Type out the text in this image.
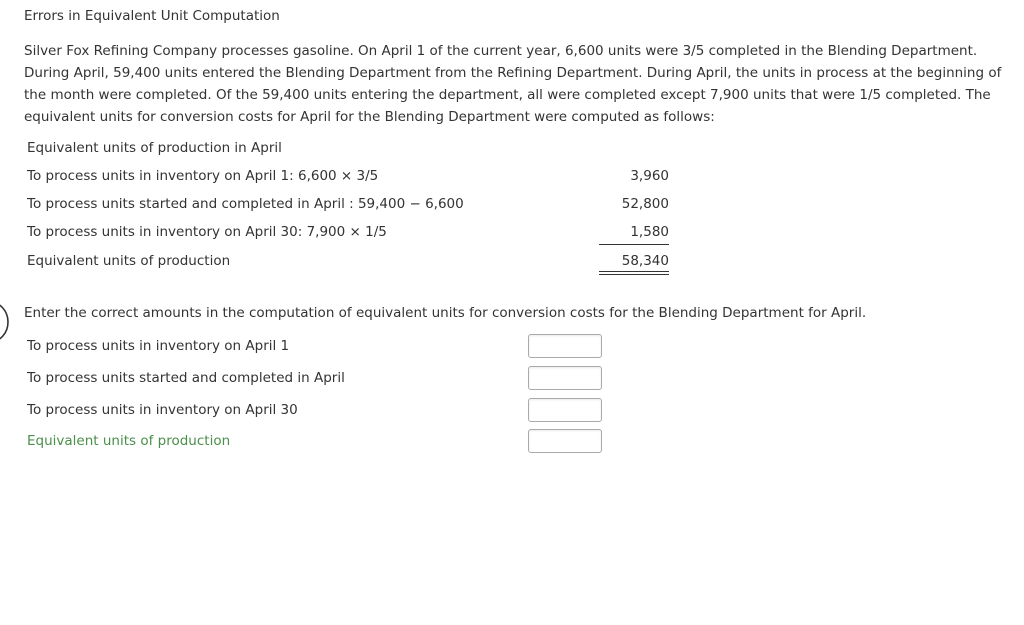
Errors in Equivalent Unit Computation

Silver Fox Refining Company processes gasoline. On April 1 of the current year, 6,600 units were 3/5 completed in the Blending Department. During April, 59,400 units entered the Blending Department from the Refining Department. During April, the units in process at the beginning of the month were completed. Of the 59,400 units entering the department, all were completed except 7,900 units that were 1/5 completed. The equivalent units for conversion costs for April for the Blending Department were computed as follows:

Equivalent units of production in April
To process units in inventory on April 1: 6,600 × 3/5	3,960
To process units started and completed in April : 59,400 − 6,600	52,800
To process units in inventory on April 30: 7,900 × 1/5	1,580
Equivalent units of production	58,340
Enter the correct amounts in the computation of equivalent units for conversion costs for the Blending Department for April.
To process units in inventory on April 1
To process units started and completed in April
To process units in inventory on April 30
Equivalent units of production
